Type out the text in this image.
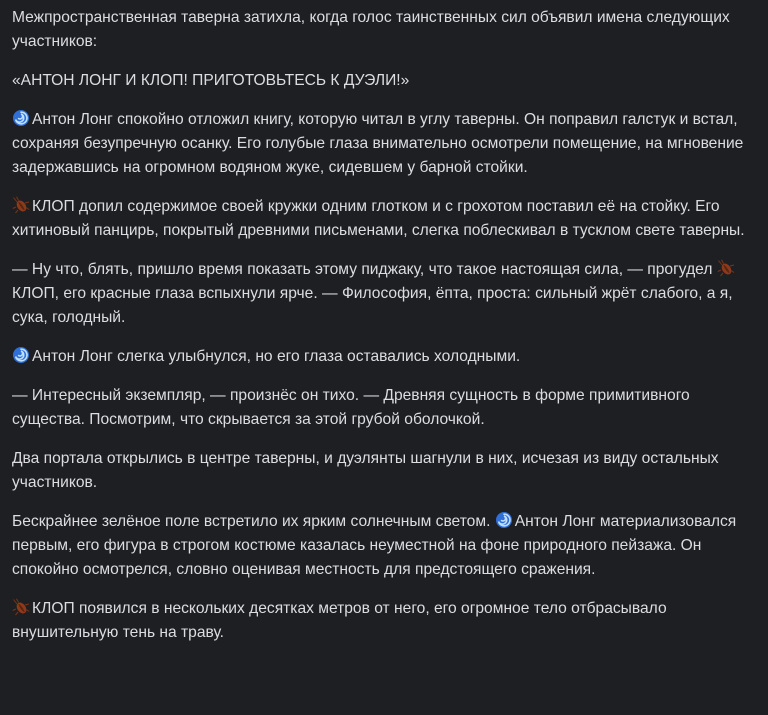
Межпространственная таверна затихла, когда голос таинственных сил объявил имена следующих участников:

«АНТОН ЛОНГ И КЛОП! ПРИГОТОВЬТЕСЬ К ДУЭЛИ!»

Антон Лонг спокойно отложил книгу, которую читал в углу таверны. Он поправил галстук и встал, сохраняя безупречную осанку. Его голубые глаза внимательно осмотрели помещение, на мгновение задержавшись на огромном водяном жуке, сидевшем у барной стойки.

КЛОП допил содержимое своей кружки одним глотком и с грохотом поставил её на стойку. Его хитиновый панцирь, покрытый древними письменами, слегка поблескивал в тусклом свете таверны.

— Ну что, блять, пришло время показать этому пиджаку, что такое настоящая сила, — прогудел
КЛОП, его красные глаза вспыхнули ярче. — Философия, ёпта, проста: сильный жрёт слабого, а я, сука, голодный.

Антон Лонг слегка улыбнулся, но его глаза оставались холодными.

— Интересный экземпляр, — произнёс он тихо. — Древняя сущность в форме примитивного существа. Посмотрим, что скрывается за этой грубой оболочкой.

Два портала открылись в центре таверны, и дуэлянты шагнули в них, исчезая из виду остальных участников.

Бескрайнее зелёное поле встретило их ярким солнечным светом. Антон Лонг материализовался первым, его фигура в строгом костюме казалась неуместной на фоне природного пейзажа. Он спокойно осмотрелся, словно оценивая местность для предстоящего сражения.

КЛОП появился в нескольких десятках метров от него, его огромное тело отбрасывало внушительную тень на траву.
